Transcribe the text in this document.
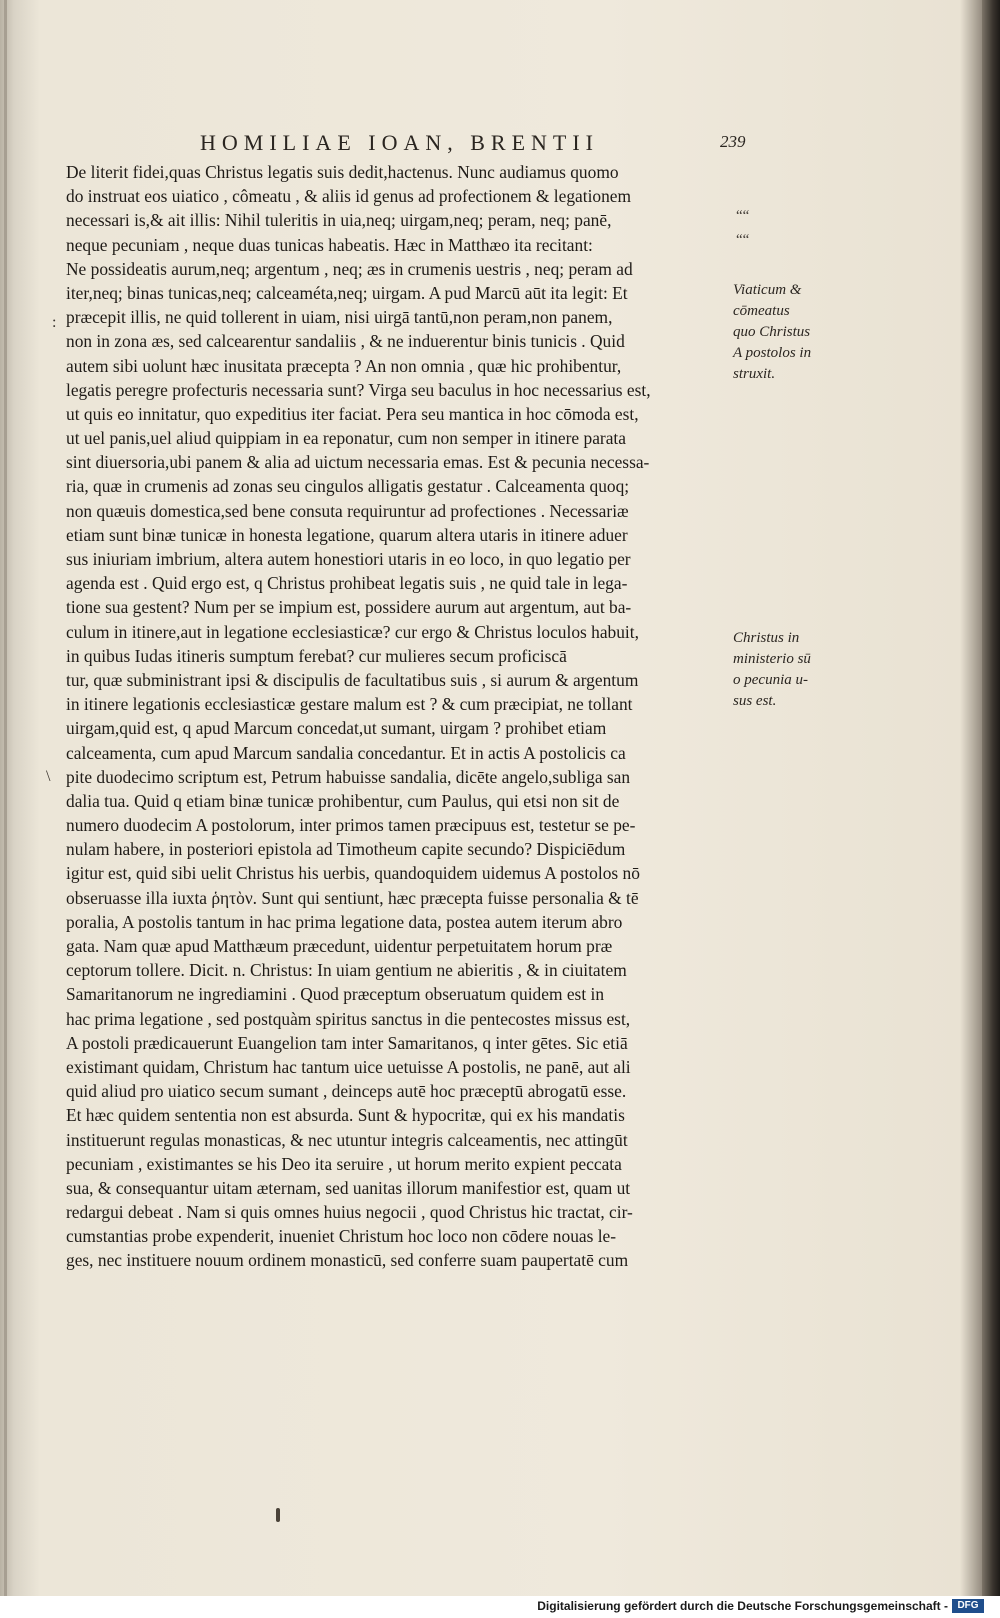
HOMILIAE IOAN, BRENTII	239
De literit fidei,quas Christus legatis suis dedit,hactenus. Nunc audiamus quomo
do instruat eos uiatico , cômeatu , & aliis id genus ad profectionem & legationem
necessari is,& ait illis: Nihil tuleritis in uia,neq; uirgam,neq; peram, neq; panē,
neque pecuniam , neque duas tunicas habeatis. Hæc in Matthæo ita recitant:
Ne possideatis aurum,neq; argentum , neq; æs in crumenis uestris , neq; peram ad
iter,neq; binas tunicas,neq; calceaméta,neq; uirgam. A pud Marcū aūt ita legit: Et
præcepit illis, ne quid tollerent in uiam, nisi uirgā tantū,non peram,non panem,
non in zona æs, sed calcearentur sandaliis , & ne induerentur binis tunicis . Quid
autem sibi uolunt hæc inusitata præcepta ? An non omnia , quæ hic prohibentur,
legatis peregre profecturis necessaria sunt? Virga seu baculus in hoc necessarius est,
ut quis eo innitatur, quo expeditius iter faciat. Pera seu mantica in hoc cōmoda est,
ut uel panis,uel aliud quippiam in ea reponatur, cum non semper in itinere parata
sint diuersoria,ubi panem & alia ad uictum necessaria emas. Est & pecunia necessa-
ria, quæ in crumenis ad zonas seu cingulos alligatis gestatur . Calceamenta quoq;
non quæuis domestica,sed bene consuta requiruntur ad profectiones . Necessariæ
etiam sunt binæ tunicæ in honesta legatione, quarum altera utaris in itinere aduer
sus iniuriam imbrium, altera autem honestiori utaris in eo loco, in quo legatio per
agenda est . Quid ergo est, q Christus prohibeat legatis suis , ne quid tale in lega-
tione sua gestent? Num per se impium est, possidere aurum aut argentum, aut ba-
culum in itinere,aut in legatione ecclesiasticæ? cur ergo & Christus loculos habuit,
in quibus Iudas itineris sumptum ferebat? cur mulieres secum proficiscā
tur, quæ subministrant ipsi & discipulis de facultatibus suis , si aurum & argentum
in itinere legationis ecclesiasticæ gestare malum est ? & cum præcipiat, ne tollant
uirgam,quid est, q apud Marcum concedat,ut sumant, uirgam ? prohibet etiam
calceamenta, cum apud Marcum sandalia concedantur. Et in actis A postolicis ca
pite duodecimo scriptum est, Petrum habuisse sandalia, dicēte angelo,subliga san
dalia tua. Quid q etiam binæ tunicæ prohibentur, cum Paulus, qui etsi non sit de
numero duodecim A postolorum, inter primos tamen præcipuus est, testetur se pe-
nulam habere, in posteriori epistola ad Timotheum capite secundo? Dispiciēdum
igitur est, quid sibi uelit Christus his uerbis, quandoquidem uidemus A postolos nō
obseruasse illa iuxta ῥητὸν. Sunt qui sentiunt, hæc præcepta fuisse personalia & tē
poralia, A postolis tantum in hac prima legatione data, postea autem iterum abro
gata. Nam quæ apud Matthæum præcedunt, uidentur perpetuitatem horum præ
ceptorum tollere. Dicit. n. Christus: In uiam gentium ne abieritis , & in ciuitatem
Samaritanorum ne ingrediamini . Quod præceptum obseruatum quidem est in
hac prima legatione , sed postquàm spiritus sanctus in die pentecostes missus est,
A postoli prædicauerunt Euangelion tam inter Samaritanos, q inter gētes. Sic etiā
existimant quidam, Christum hac tantum uice uetuisse A postolis, ne panē, aut ali
quid aliud pro uiatico secum sumant , deinceps autē hoc præceptū abrogatū esse.
Et hæc quidem sententia non est absurda. Sunt & hypocritæ, qui ex his mandatis
instituerunt regulas monasticas, & nec utuntur integris calceamentis, nec attingūt
pecuniam , existimantes se his Deo ita seruire , ut horum merito expient peccata
sua, & consequantur uitam æternam, sed uanitas illorum manifestior est, quam ut
redargui debeat . Nam si quis omnes huius negocii , quod Christus hic tractat, cir-
cumstantias probe expenderit, inueniet Christum hoc loco non cōdere nouas le-
ges, nec instituere nouum ordinem monasticū, sed conferre suam paupertatē cum
““
““
Viaticum &
cōmeatus
quo Christus
A postolos in
struxit.
Christus in
ministerio sū
o pecunia u-
sus est.
:
\
Digitalisierung gefördert durch die Deutsche Forschungsgemeinschaft - DFG
